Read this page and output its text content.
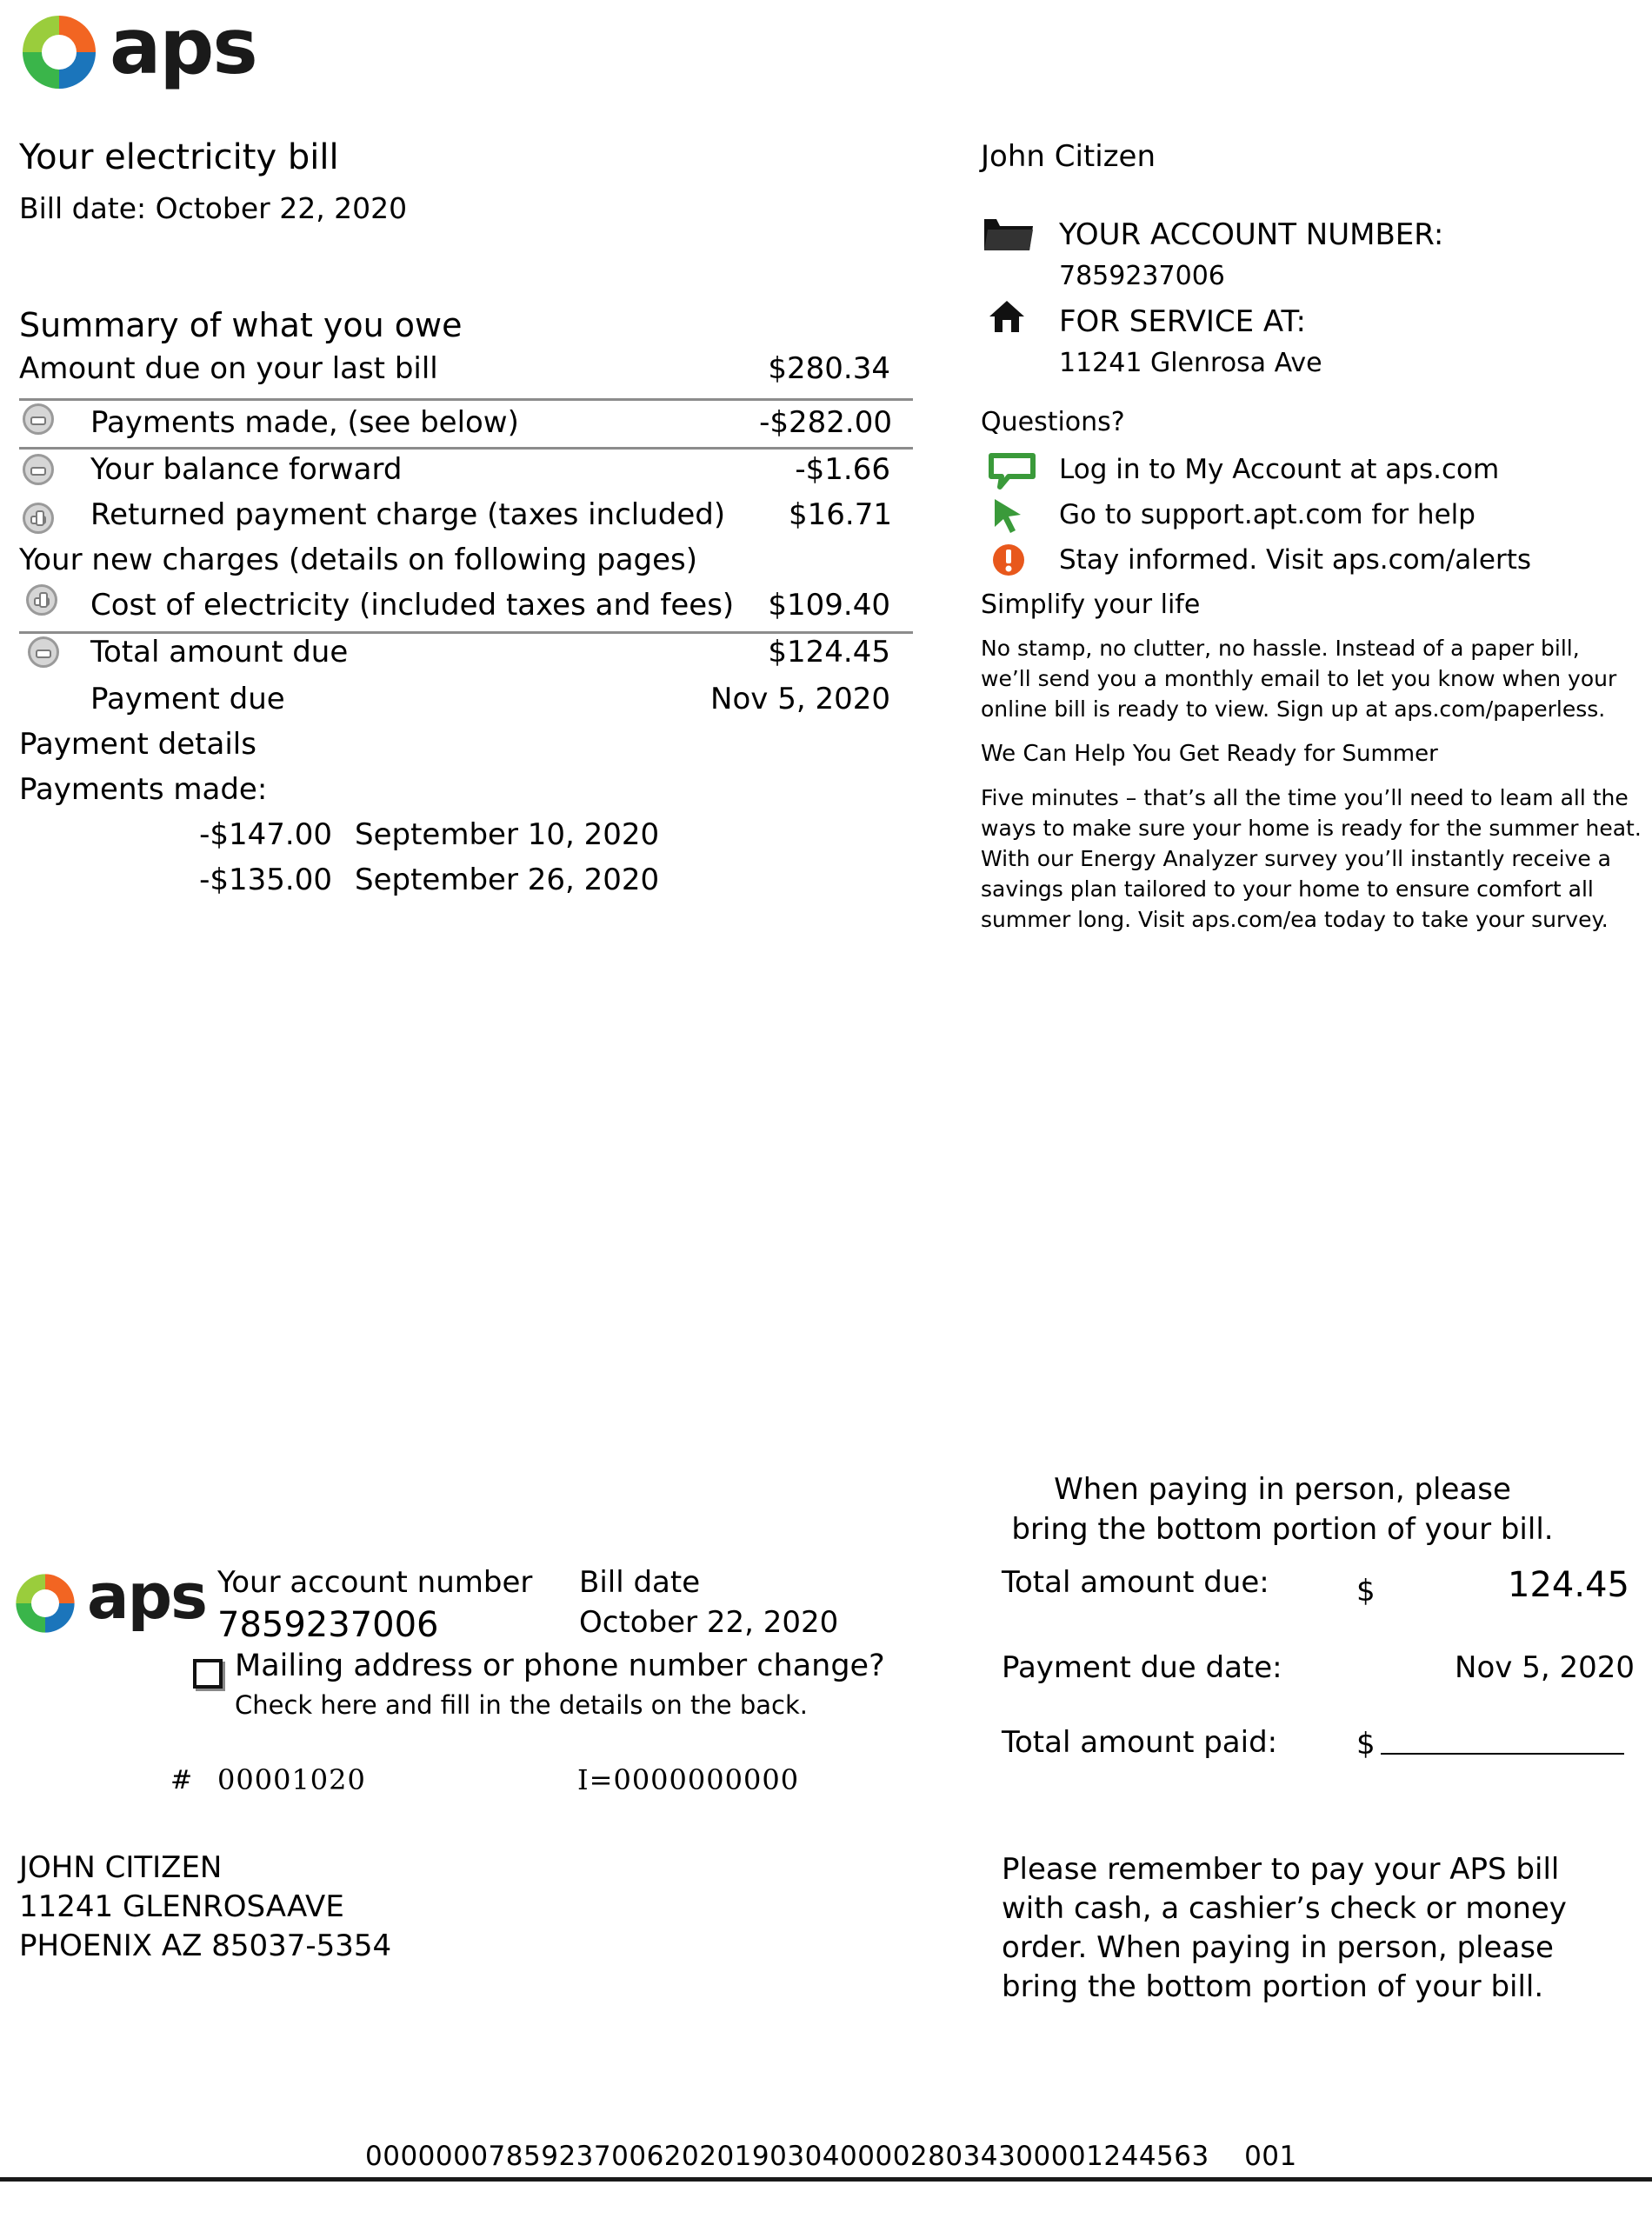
aps
Your electricity bill
Bill date: October 22, 2020
Summary of what you owe
Amount due on your last bill	$280.34
Payments made, (see below)	-$282.00
Your balance forward	-$1.66
Returned payment charge (taxes included) $16.71
Your new charges (details on following pages)
Cost of electricity (included taxes and fees) $109.40
Total amount due	$124.45
Payment due	Nov 5, 2020
Payment details
Payments made:
-$147.00 September 10, 2020
-$135.00 September 26, 2020
John Citizen
YOUR ACCOUNT NUMBER:
7859237006
FOR SERVICE AT:
11241 Glenrosa Ave
Questions?
Log in to My Account at aps.com
Go to support.apt.com for help
Stay informed. Visit aps.com/alerts
Simplify your life
No stamp, no clutter, no hassle. Instead of a paper bill, we’ll send you a monthly email to let you know when your online bill is ready to view. Sign up at aps.com/paperless.
We Can Help You Get Ready for Summer
Five minutes – that’s all the time you’ll need to leam all the ways to make sure your home is ready for the summer heat. With our Energy Analyzer survey you’ll instantly receive a savings plan tailored to your home to ensure comfort all summer long. Visit aps.com/ea today to take your survey.
When paying in person, please
bring the bottom portion of your bill.
aps Your account number
7859237006
Bill date
October 22, 2020
Mailing address or phone number change?
Check here and fill in the details on the back.
# 00001020	I=0000000000
Total amount due:	$	124.45
Payment due date:	Nov 5, 2020
Total amount paid:	$
JOHN CITIZEN
11241 GLENROSAAVE
PHOENIX AZ 85037-5354
Please remember to pay your APS bill with cash, a cashier’s check or money order. When paying in person, please bring the bottom portion of your bill.
000000078592370062020190304000028034300001244563 001
